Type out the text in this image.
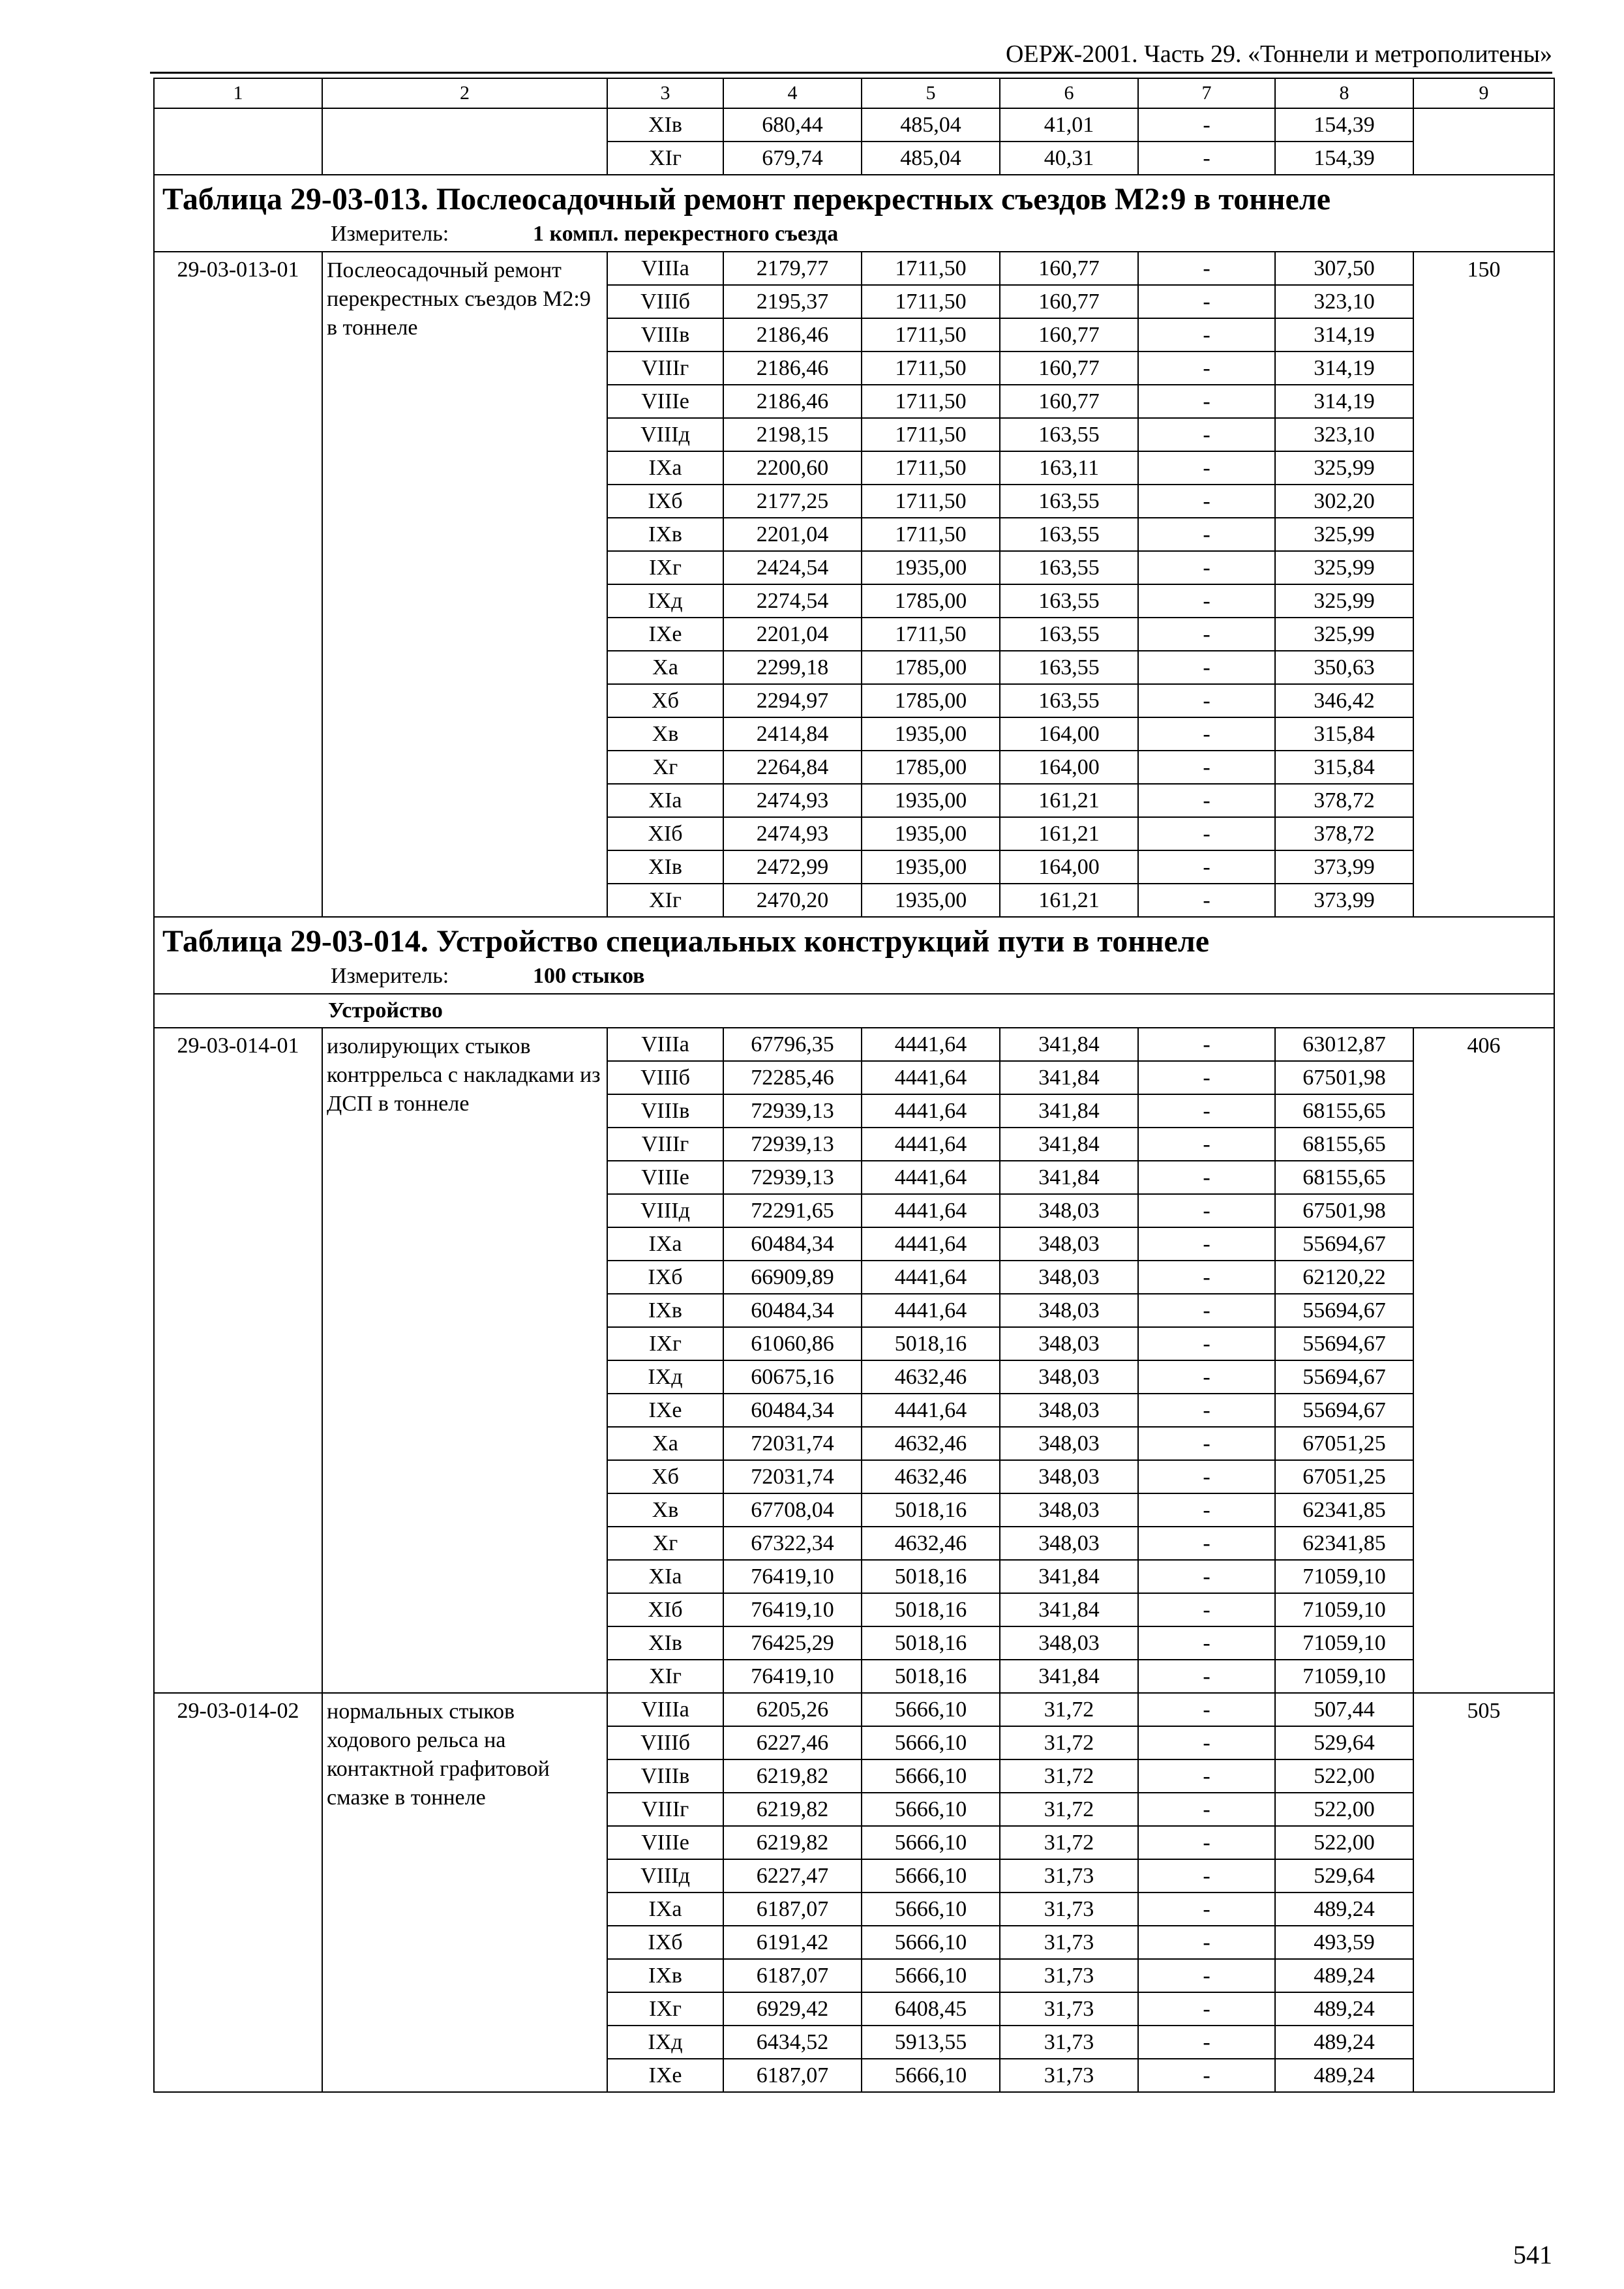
ОЕРЖ-2001. Часть 29. «Тоннели и метрополитены»
1	2	3	4	5	6	7	8	9
		XIв	680,44	485,04	41,01	-	154,39	
		XIг	679,74	485,04	40,31	-	154,39	

Таблица 29-03-013. Послеосадочный ремонт перекрестных съездов М2:9 в тоннеле
Измеритель: 1 компл. перекрестного съезда								

29-03-013-01	Послеосадочный ремонт перекрестных съездов М2:9 в тоннеле	VIIIа	2179,77	1711,50	160,77	-	307,50	150
		VIIIб	2195,37	1711,50	160,77	-	323,10	
		VIIIв	2186,46	1711,50	160,77	-	314,19	
		VIIIг	2186,46	1711,50	160,77	-	314,19	
		VIIIе	2186,46	1711,50	160,77	-	314,19	
		VIIIд	2198,15	1711,50	163,55	-	323,10	
		IXа	2200,60	1711,50	163,11	-	325,99	
		IXб	2177,25	1711,50	163,55	-	302,20	
		IXв	2201,04	1711,50	163,55	-	325,99	
		IXг	2424,54	1935,00	163,55	-	325,99	
		IXд	2274,54	1785,00	163,55	-	325,99	
		IXе	2201,04	1711,50	163,55	-	325,99	
		Xа	2299,18	1785,00	163,55	-	350,63	
		Xб	2294,97	1785,00	163,55	-	346,42	
		Xв	2414,84	1935,00	164,00	-	315,84	
		Xг	2264,84	1785,00	164,00	-	315,84	
		XIа	2474,93	1935,00	161,21	-	378,72	
		XIб	2474,93	1935,00	161,21	-	378,72	
		XIв	2472,99	1935,00	164,00	-	373,99	
		XIг	2470,20	1935,00	161,21	-	373,99	

Таблица 29-03-014. Устройство специальных конструкций пути в тоннеле
Измеритель: 100 стыков								

Устройство								
29-03-014-01	изолирующих стыков контррельса с накладками из ДСП в тоннеле	VIIIа	67796,35	4441,64	341,84	-	63012,87	406
		VIIIб	72285,46	4441,64	341,84	-	67501,98	
		VIIIв	72939,13	4441,64	341,84	-	68155,65	
		VIIIг	72939,13	4441,64	341,84	-	68155,65	
		VIIIе	72939,13	4441,64	341,84	-	68155,65	
		VIIIд	72291,65	4441,64	348,03	-	67501,98	
		IXа	60484,34	4441,64	348,03	-	55694,67	
		IXб	66909,89	4441,64	348,03	-	62120,22	
		IXв	60484,34	4441,64	348,03	-	55694,67	
		IXг	61060,86	5018,16	348,03	-	55694,67	
		IXд	60675,16	4632,46	348,03	-	55694,67	
		IXе	60484,34	4441,64	348,03	-	55694,67	
		Xа	72031,74	4632,46	348,03	-	67051,25	
		Xб	72031,74	4632,46	348,03	-	67051,25	
		Xв	67708,04	5018,16	348,03	-	62341,85	
		Xг	67322,34	4632,46	348,03	-	62341,85	
		XIа	76419,10	5018,16	341,84	-	71059,10	
		XIб	76419,10	5018,16	341,84	-	71059,10	
		XIв	76425,29	5018,16	348,03	-	71059,10	
		XIг	76419,10	5018,16	341,84	-	71059,10	
29-03-014-02	нормальных стыков ходового рельса на контактной графитовой смазке в тоннеле	VIIIа	6205,26	5666,10	31,72	-	507,44	505
		VIIIб	6227,46	5666,10	31,72	-	529,64	
		VIIIв	6219,82	5666,10	31,72	-	522,00	
		VIIIг	6219,82	5666,10	31,72	-	522,00	
		VIIIе	6219,82	5666,10	31,72	-	522,00	
		VIIIд	6227,47	5666,10	31,73	-	529,64	
		IXа	6187,07	5666,10	31,73	-	489,24	
		IXб	6191,42	5666,10	31,73	-	493,59	
		IXв	6187,07	5666,10	31,73	-	489,24	
		IXг	6929,42	6408,45	31,73	-	489,24	
		IXд	6434,52	5913,55	31,73	-	489,24	
		IXе	6187,07	5666,10	31,73	-	489,24	
541
